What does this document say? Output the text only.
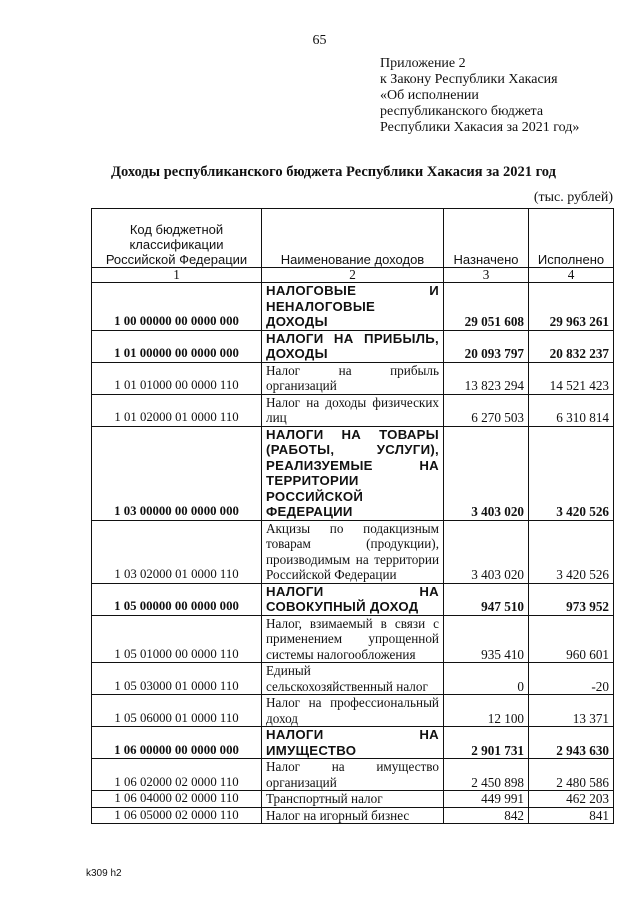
65
Приложение 2
к Закону Республики Хакасия
«Об исполнении
республиканского бюджета
Республики Хакасия за 2021 год»
Доходы республиканского бюджета Республики Хакасия за 2021 год
(тыс. рублей)
Код бюджетной классификации Российской Федерации	Наименование доходов	Назначено	Исполнено
1	2	3	4
1 00 00000 00 0000 000	НАЛОГОВЫЕ И НЕНАЛОГОВЫЕ ДОХОДЫ	29 051 608	29 963 261
1 01 00000 00 0000 000	НАЛОГИ НА ПРИБЫЛЬ, ДОХОДЫ	20 093 797	20 832 237
1 01 01000 00 0000 110	Налог на прибыль организаций	13 823 294	14 521 423
1 01 02000 01 0000 110	Налог на доходы физических лиц	6 270 503	6 310 814
1 03 00000 00 0000 000	НАЛОГИ НА ТОВАРЫ (РАБОТЫ, УСЛУГИ), РЕАЛИЗУЕМЫЕ НА ТЕРРИТОРИИ РОССИЙСКОЙ ФЕДЕРАЦИИ	3 403 020	3 420 526
1 03 02000 01 0000 110	Акцизы по подакцизным товарам (продукции), производимым на территории Российской Федерации	3 403 020	3 420 526
1 05 00000 00 0000 000	НАЛОГИ НА СОВОКУПНЫЙ ДОХОД	947 510	973 952
1 05 01000 00 0000 110	Налог, взимаемый в связи с применением упрощенной системы налогообложения	935 410	960 601
1 05 03000 01 0000 110	Единый сельскохозяйственный налог	0	-20
1 05 06000 01 0000 110	Налог на профессиональный доход	12 100	13 371
1 06 00000 00 0000 000	НАЛОГИ НА ИМУЩЕСТВО	2 901 731	2 943 630
1 06 02000 02 0000 110	Налог на имущество организаций	2 450 898	2 480 586
1 06 04000 02 0000 110	Транспортный налог	449 991	462 203
1 06 05000 02 0000 110	Налог на игорный бизнес	842	841
k309 h2
